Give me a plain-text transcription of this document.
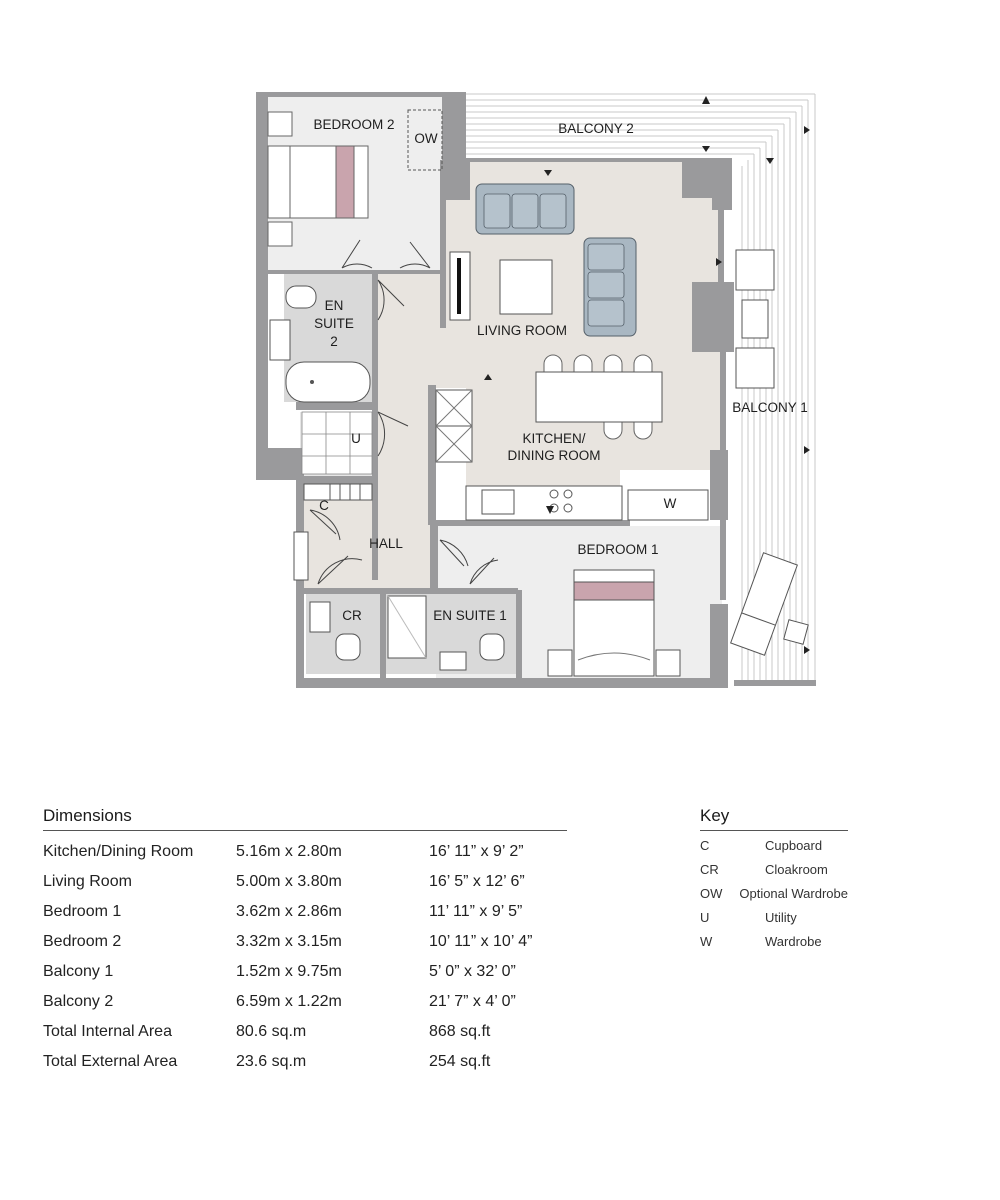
BEDROOM 2
OW
BALCONY 2
EN
SUITE
2
LIVING ROOM
BALCONY 1
U	KITCHEN/
DINING ROOM
W
C
HALL	BEDROOM 1
CR	EN SUITE 1
Dimensions
Kitchen/Dining Room	5.16m x 2.80m	16’ 11” x 9’ 2”
Living Room	5.00m x 3.80m	16’ 5” x 12’ 6”
Bedroom 1	3.62m x 2.86m	11’ 11” x 9’ 5”
Bedroom 2	3.32m x 3.15m	10’ 11” x 10’ 4”
Balcony 1	1.52m x 9.75m	5’ 0” x 32’ 0”
Balcony 2	6.59m x 1.22m	21’ 7” x 4’ 0”
Total Internal Area	80.6 sq.m	868 sq.ft
Total External Area	23.6 sq.m	254 sq.ft
Key
C	Cupboard
CR	Cloakroom
OW	Optional Wardrobe
U	Utility
W	Wardrobe
